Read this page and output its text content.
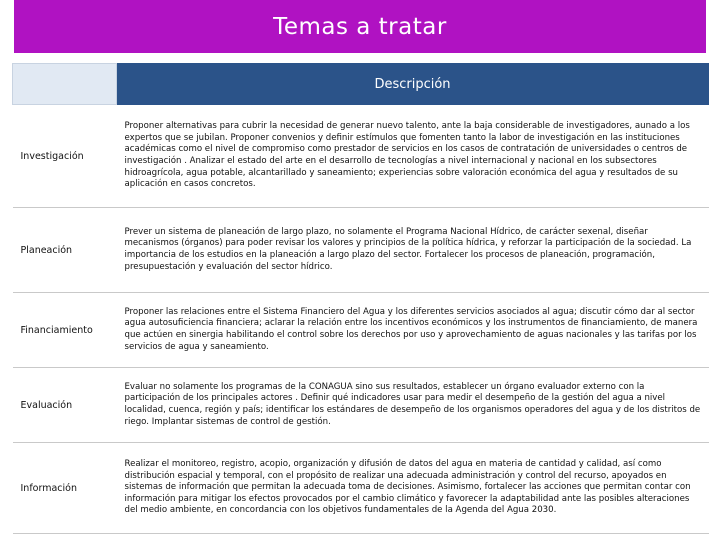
Temas a tratar
	Descripción
Investigación	Proponer alternativas para cubrir la necesidad de generar nuevo talento, ante la baja considerable de investigadores, aunado a los expertos que se jubilan. Proponer convenios y definir estímulos que fomenten tanto la labor de investigación en las instituciones académicas como el nivel de compromiso como prestador de servicios en los casos de contratación de universidades o centros de investigación . Analizar el estado del arte en el desarrollo de tecnologías a nivel internacional y nacional en los subsectores hidroagrícola, agua potable, alcantarillado y saneamiento; experiencias sobre valoración económica del agua y resultados de su aplicación en casos concretos.
Planeación	Prever un sistema de planeación de largo plazo, no solamente el Programa Nacional Hídrico, de carácter sexenal, diseñar mecanismos (órganos) para poder revisar los valores y principios de la política hídrica, y reforzar la participación de la sociedad. La importancia de los estudios en la planeación a largo plazo del sector. Fortalecer los procesos de planeación, programación, presupuestación y evaluación del sector hídrico.
Financiamiento	Proponer las relaciones entre el Sistema Financiero del Agua y los diferentes servicios asociados al agua; discutir cómo dar al sector agua autosuficiencia financiera; aclarar la relación entre los incentivos económicos y los instrumentos de financiamiento, de manera que actúen en sinergia habilitando el control sobre los derechos por uso y aprovechamiento de aguas nacionales y las tarifas por los servicios de agua y saneamiento.
Evaluación	Evaluar no solamente los programas de la CONAGUA sino sus resultados, establecer un órgano evaluador externo con la participación de los principales actores . Definir qué indicadores usar para medir el desempeño de la gestión del agua a nivel localidad, cuenca, región y país; identificar los estándares de desempeño de los organismos operadores del agua y de los distritos de riego. Implantar sistemas de control de gestión.
Información	Realizar el monitoreo, registro, acopio, organización y difusión de datos del agua en materia de cantidad y calidad, así como distribución espacial y temporal, con el propósito de realizar una adecuada administración y control del recurso, apoyados en sistemas de información que permitan la adecuada toma de decisiones. Asimismo, fortalecer las acciones que permitan contar con información para mitigar los efectos provocados por el cambio climático y favorecer la adaptabilidad ante las posibles alteraciones del medio ambiente, en concordancia con los objetivos fundamentales de la Agenda del Agua 2030.
